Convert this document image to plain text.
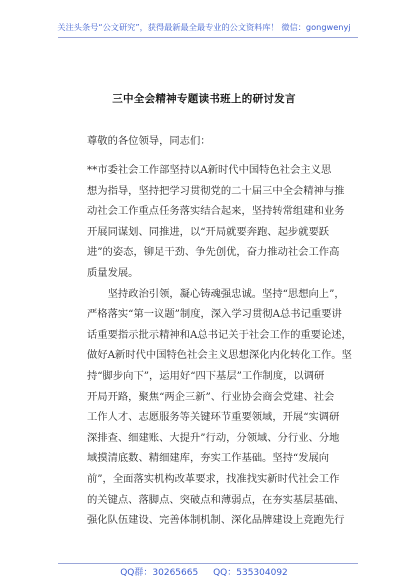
关注头条号“公文研究”，获得最新最全最专业的公文资料库！ 微信：gongwenyj
三中全会精神专题读书班上的研讨发言
尊敬的各位领导，同志们：
**市委社会工作部坚持以A新时代中国特色社会主义思
想为指导，坚持把学习贯彻党的二十届三中全会精神与推
动社会工作重点任务落实结合起来，坚持转常组建和业务
开展同谋划、同推进，以“开局就要奔跑、起步就要跃
进”的姿态，铆足干劲、争先创优，奋力推动社会工作高
质量发展。
　　坚持政治引领，凝心铸魂强忠诚。坚持“思想向上”，
严格落实“第一议题”制度，深入学习贯彻A总书记重要讲
话重要指示批示精神和A总书记关于社会工作的重要论述，
做好A新时代中国特色社会主义思想深化内化转化工作。坚
持“脚步向下”，运用好“四下基层”工作制度，以调研
开局开路，聚焦“两企三新”、行业协会商会党建、社会
工作人才、志愿服务等关键环节重要领域，开展“实调研
深排查、细建账、大提升”行动，分领域、分行业、分地
域摸清底数、精细建库，夯实工作基础。坚持“发展向
前”，全面落实机构改革要求，找准找实新时代社会工作
的关键点、落脚点、突破点和薄弱点，在夯实基层基础、
强化队伍建设、完善体制机制、深化品牌建设上竞跑先行
QQ群：30265665 QQ：535304092
